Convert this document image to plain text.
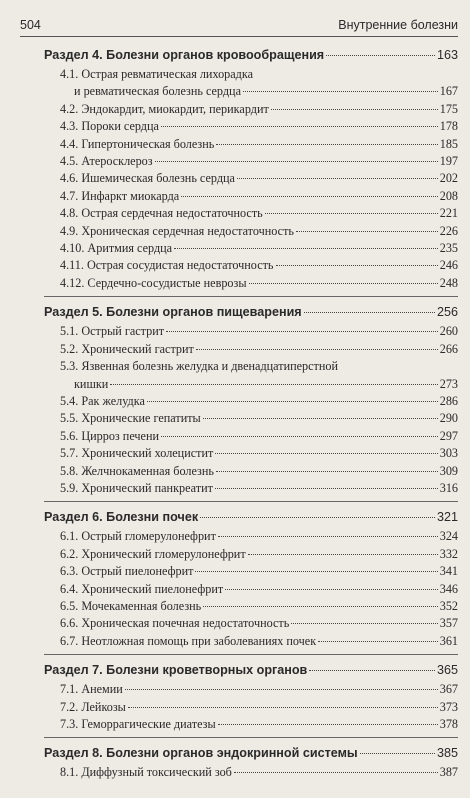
504	Внутренние болезни
Раздел 4. Болезни органов кровообращения	163
4.1. Острая ревматическая лихорадка
и ревматическая болезнь сердца	167
4.2. Эндокардит, миокардит, перикардит	175
4.3. Пороки сердца	178
4.4. Гипертоническая болезнь	185
4.5. Атеросклероз	197
4.6. Ишемическая болезнь сердца	202
4.7. Инфаркт миокарда	208
4.8. Острая сердечная недостаточность	221
4.9. Хроническая сердечная недостаточность	226
4.10. Аритмия сердца	235
4.11. Острая сосудистая недостаточность	246
4.12. Сердечно-сосудистые неврозы	248
Раздел 5. Болезни органов пищеварения	256
5.1. Острый гастрит	260
5.2. Хронический гастрит	266
5.3. Язвенная болезнь желудка и двенадцатиперстной
кишки	273
5.4. Рак желудка	286
5.5. Хронические гепатиты	290
5.6. Цирроз печени	297
5.7. Хронический холецистит	303
5.8. Желчнокаменная болезнь	309
5.9. Хронический панкреатит	316
Раздел 6. Болезни почек	321
6.1. Острый гломерулонефрит	324
6.2. Хронический гломерулонефрит	332
6.3. Острый пиелонефрит	341
6.4. Хронический пиелонефрит	346
6.5. Мочекаменная болезнь	352
6.6. Хроническая почечная недостаточность	357
6.7. Неотложная помощь при заболеваниях почек	361
Раздел 7. Болезни кроветворных органов	365
7.1. Анемии	367
7.2. Лейкозы	373
7.3. Геморрагические диатезы	378
Раздел 8. Болезни органов эндокринной системы	385
8.1. Диффузный токсический зоб	387
